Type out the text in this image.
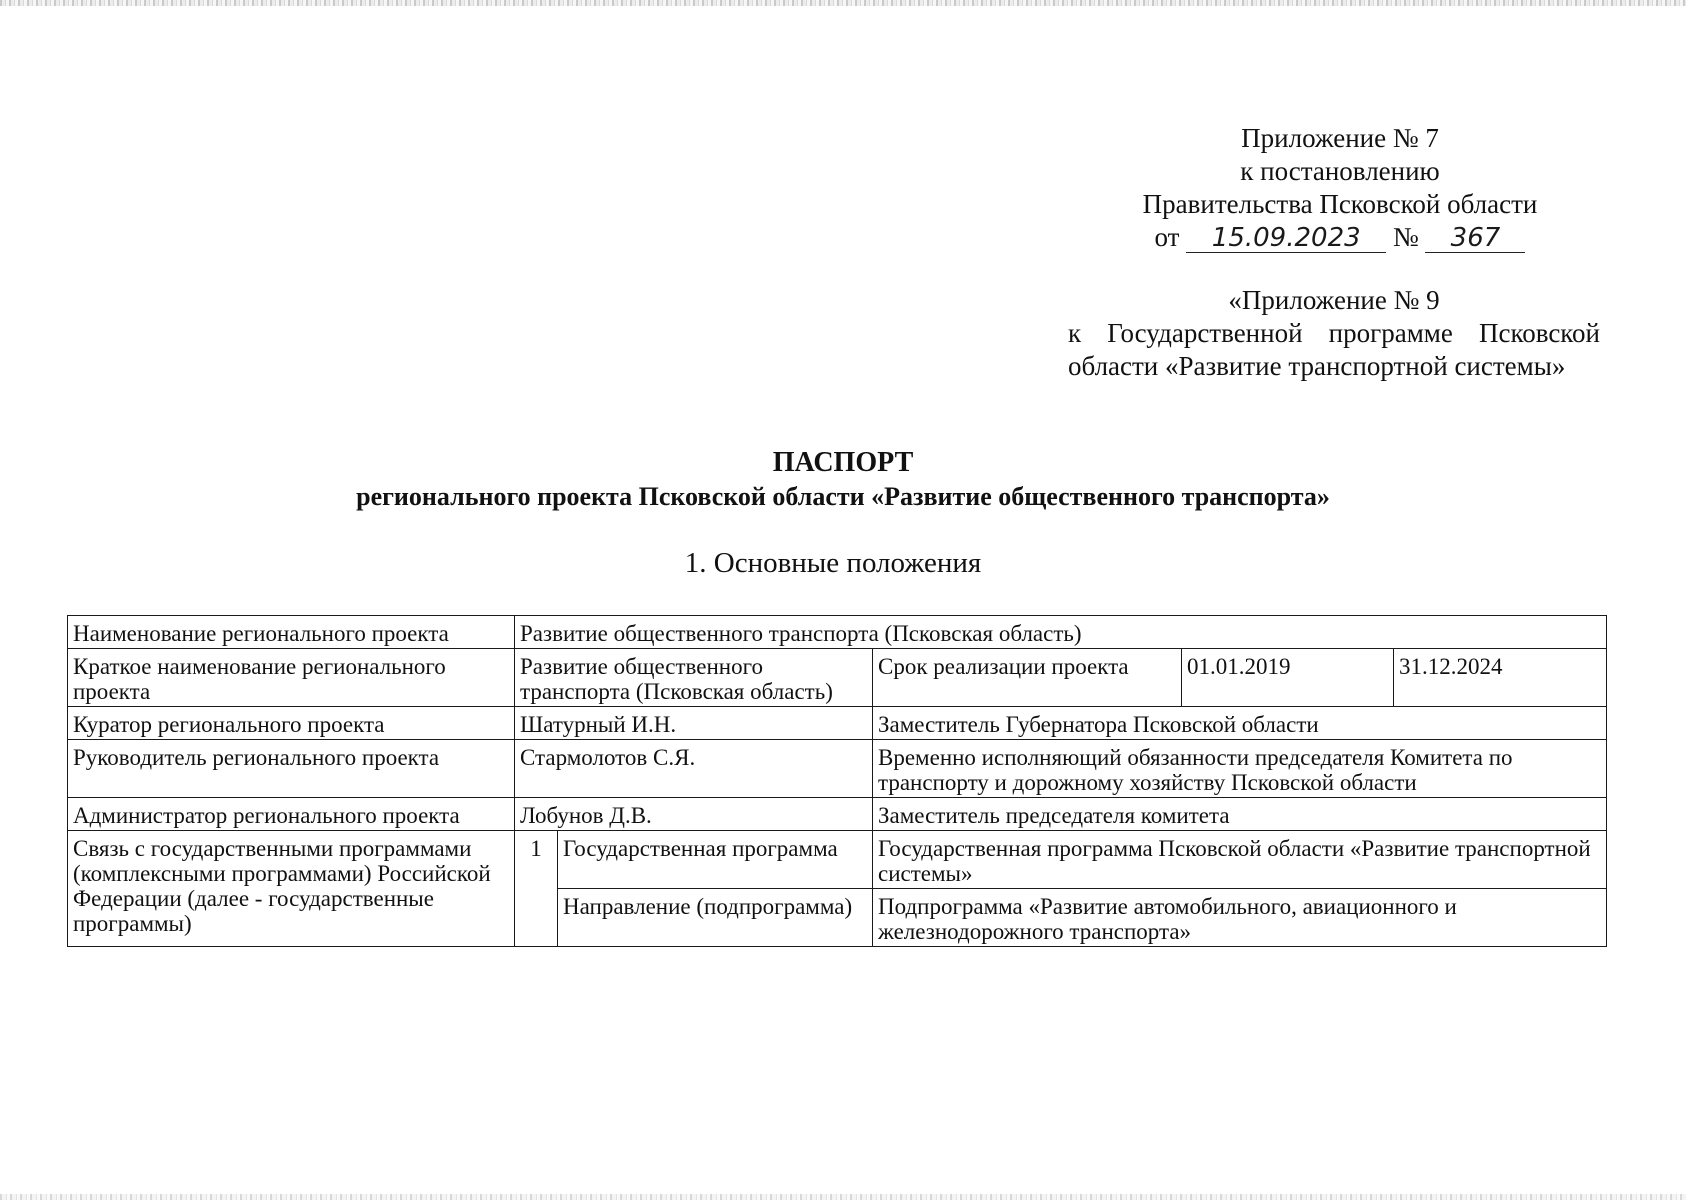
Приложение № 7
к постановлению
Правительства Псковской области
от 15.09.2023 № 367
«Приложение № 9
к Государственной программе Псковской
области «Развитие транспортной системы»
ПАСПОРТ
регионального проекта Псковской области «Развитие общественного транспорта»
1. Основные положения
Наименование регионального проекта	Развитие общественного транспорта (Псковская область)				
Краткое наименование регионального проекта	Развитие общественного транспорта (Псковская область)		Срок реализации проекта	01.01.2019	31.12.2024
Куратор регионального проекта	Шатурный И.Н.		Заместитель Губернатора Псковской области		
Руководитель регионального проекта	Стармолотов С.Я.		Временно исполняющий обязанности председателя Комитета по транспорту и дорожному хозяйству Псковской области		
Администратор регионального проекта	Лобунов Д.В.		Заместитель председателя комитета		
Связь с государственными программами (комплексными программами) Российской Федерации (далее - государственные программы)	1	Государственная программа	Государственная программа Псковской области «Развитие транспортной системы»		
		Направление (подпрограмма)	Подпрограмма «Развитие автомобильного, авиационного и железнодорожного транспорта»		
